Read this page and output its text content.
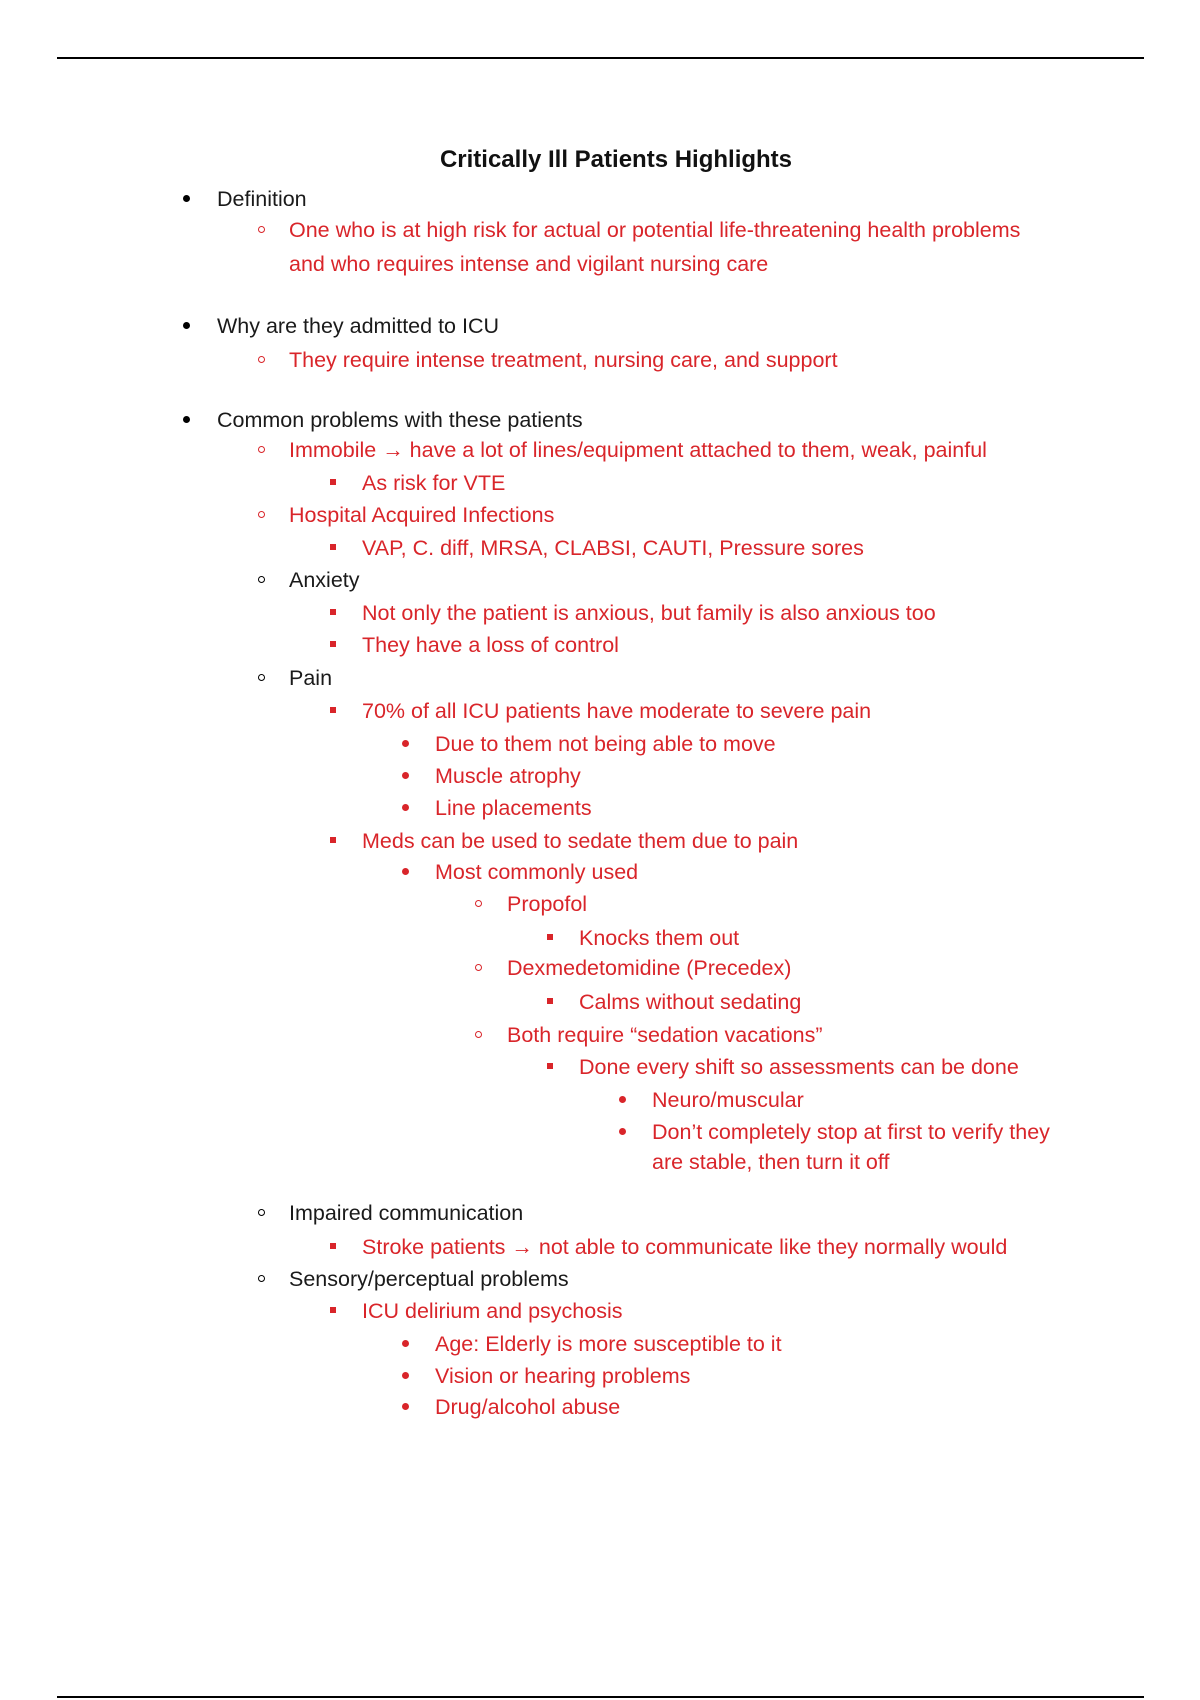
Critically Ill Patients Highlights
Definition
One who is at high risk for actual or potential life-threatening health problems
and who requires intense and vigilant nursing care
Why are they admitted to ICU
They require intense treatment, nursing care, and support
Common problems with these patients
Immobile → have a lot of lines/equipment attached to them, weak, painful
As risk for VTE
Hospital Acquired Infections
VAP, C. diff, MRSA, CLABSI, CAUTI, Pressure sores
Anxiety
Not only the patient is anxious, but family is also anxious too
They have a loss of control
Pain
70% of all ICU patients have moderate to severe pain
Due to them not being able to move
Muscle atrophy
Line placements
Meds can be used to sedate them due to pain
Most commonly used
Propofol
Knocks them out
Dexmedetomidine (Precedex)
Calms without sedating
Both require “sedation vacations”
Done every shift so assessments can be done
Neuro/muscular
Don’t completely stop at first to verify they
are stable, then turn it off
Impaired communication
Stroke patients → not able to communicate like they normally would
Sensory/perceptual problems
ICU delirium and psychosis
Age: Elderly is more susceptible to it
Vision or hearing problems
Drug/alcohol abuse
